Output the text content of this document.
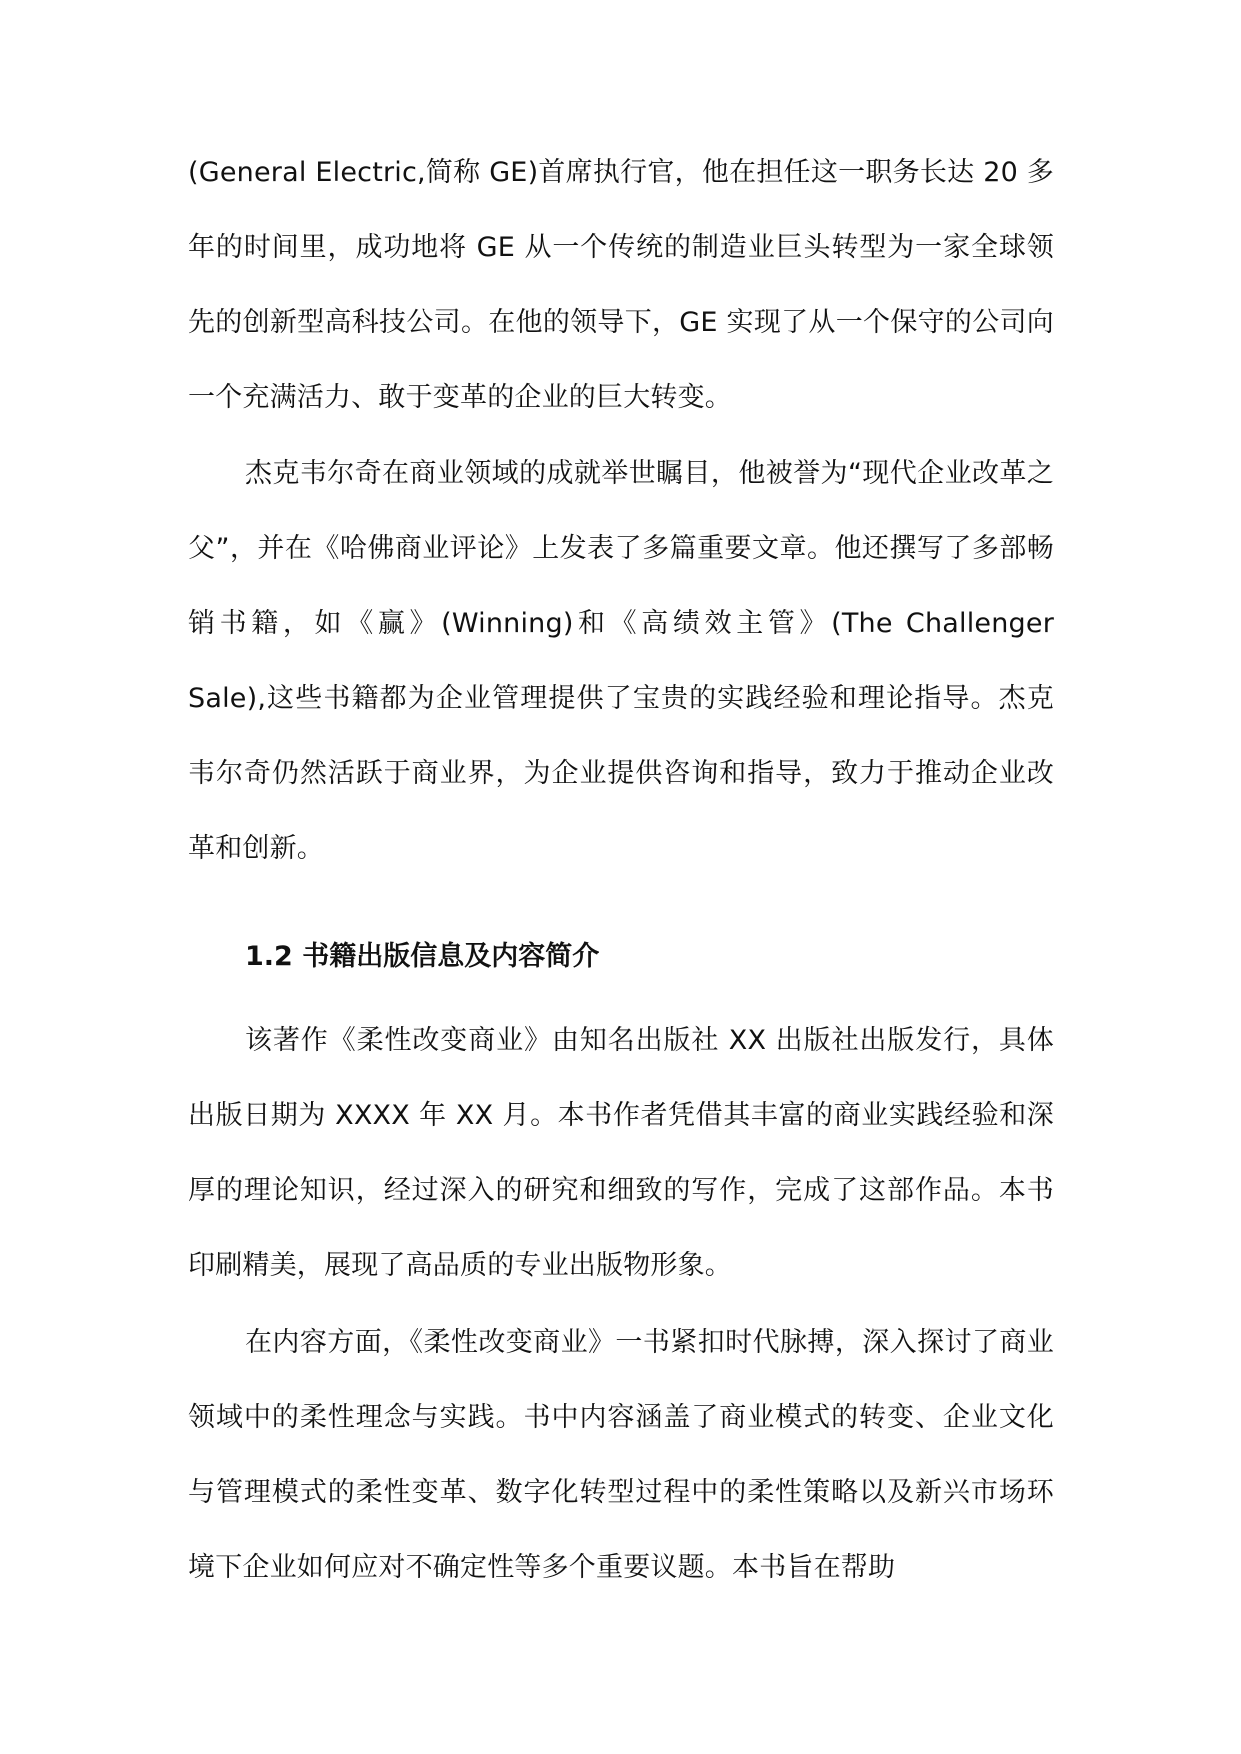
(General Electric,简称 GE)首席执行官，他在担任这一职务长达 20 多年的时间里，成功地将 GE 从一个传统的制造业巨头转型为一家全球领先的创新型高科技公司。在他的领导下，GE 实现了从一个保守的公司向一个充满活力、敢于变革的企业的巨大转变。

杰克韦尔奇在商业领域的成就举世瞩目，他被誉为“现代企业改革之父”，并在《哈佛商业评论》上发表了多篇重要文章。他还撰写了多部畅销书籍，如《赢》(Winning)和《高绩效主管》(The Challenger Sale),这些书籍都为企业管理提供了宝贵的实践经验和理论指导。杰克韦尔奇仍然活跃于商业界，为企业提供咨询和指导，致力于推动企业改革和创新。

1.2 书籍出版信息及内容简介

该著作《柔性改变商业》由知名出版社 XX 出版社出版发行，具体出版日期为 XXXX 年 XX 月。本书作者凭借其丰富的商业实践经验和深厚的理论知识，经过深入的研究和细致的写作，完成了这部作品。本书印刷精美，展现了高品质的专业出版物形象。

在内容方面，《柔性改变商业》一书紧扣时代脉搏，深入探讨了商业领域中的柔性理念与实践。书中内容涵盖了商业模式的转变、企业文化与管理模式的柔性变革、数字化转型过程中的柔性策略以及新兴市场环境下企业如何应对不确定性等多个重要议题。本书旨在帮助
